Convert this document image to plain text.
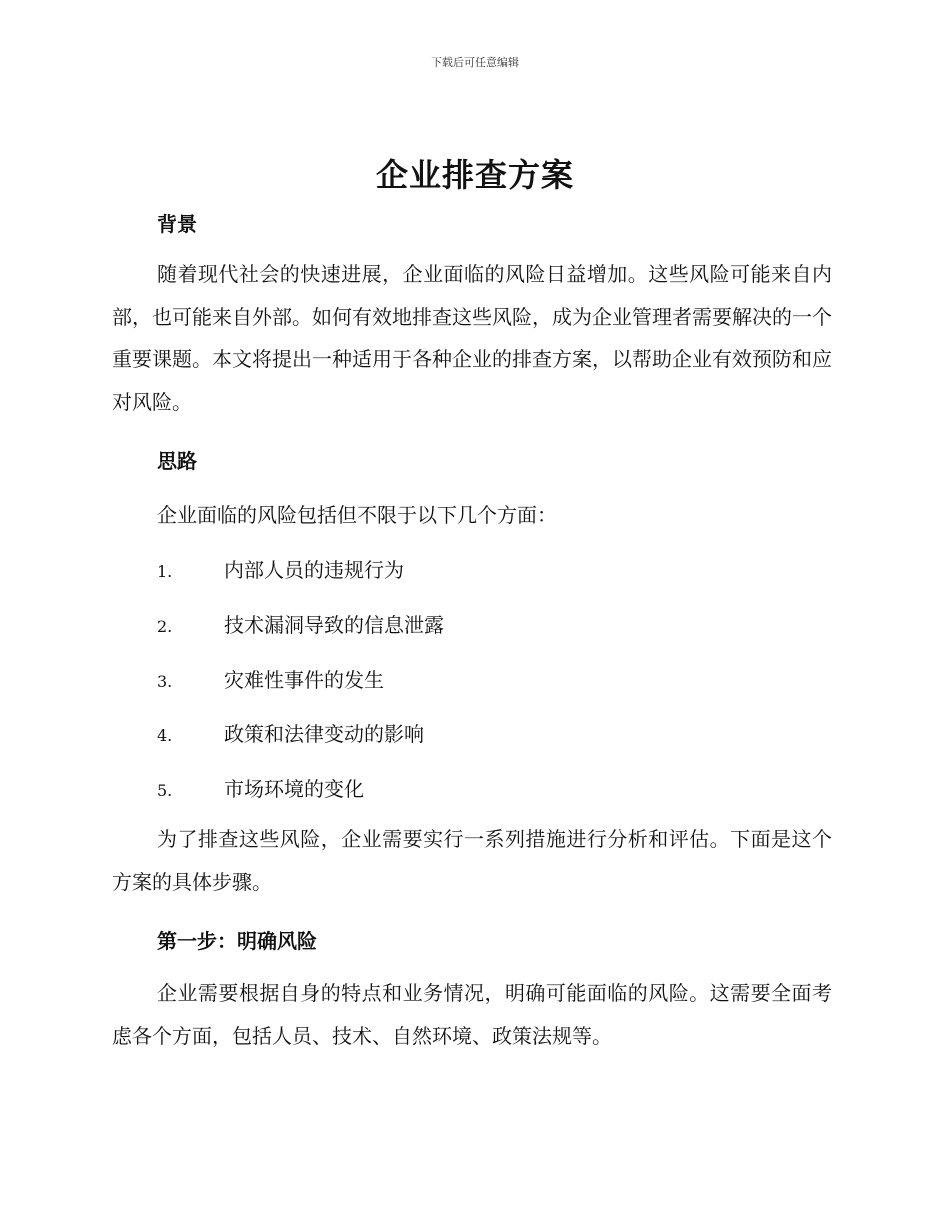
下载后可任意编辑
企业排查方案
背景
随着现代社会的快速进展，企业面临的风险日益增加。这些风险可能来自内部，也可能来自外部。如何有效地排查这些风险，成为企业管理者需要解决的一个重要课题。本文将提出一种适用于各种企业的排查方案，以帮助企业有效预防和应对风险。
思路
企业面临的风险包括但不限于以下几个方面：
1.	内部人员的违规行为
2.	技术漏洞导致的信息泄露
3.	灾难性事件的发生
4.	政策和法律变动的影响
5.	市场环境的变化
为了排查这些风险，企业需要实行一系列措施进行分析和评估。下面是这个方案的具体步骤。
第一步：明确风险
企业需要根据自身的特点和业务情况，明确可能面临的风险。这需要全面考虑各个方面，包括人员、技术、自然环境、政策法规等。
